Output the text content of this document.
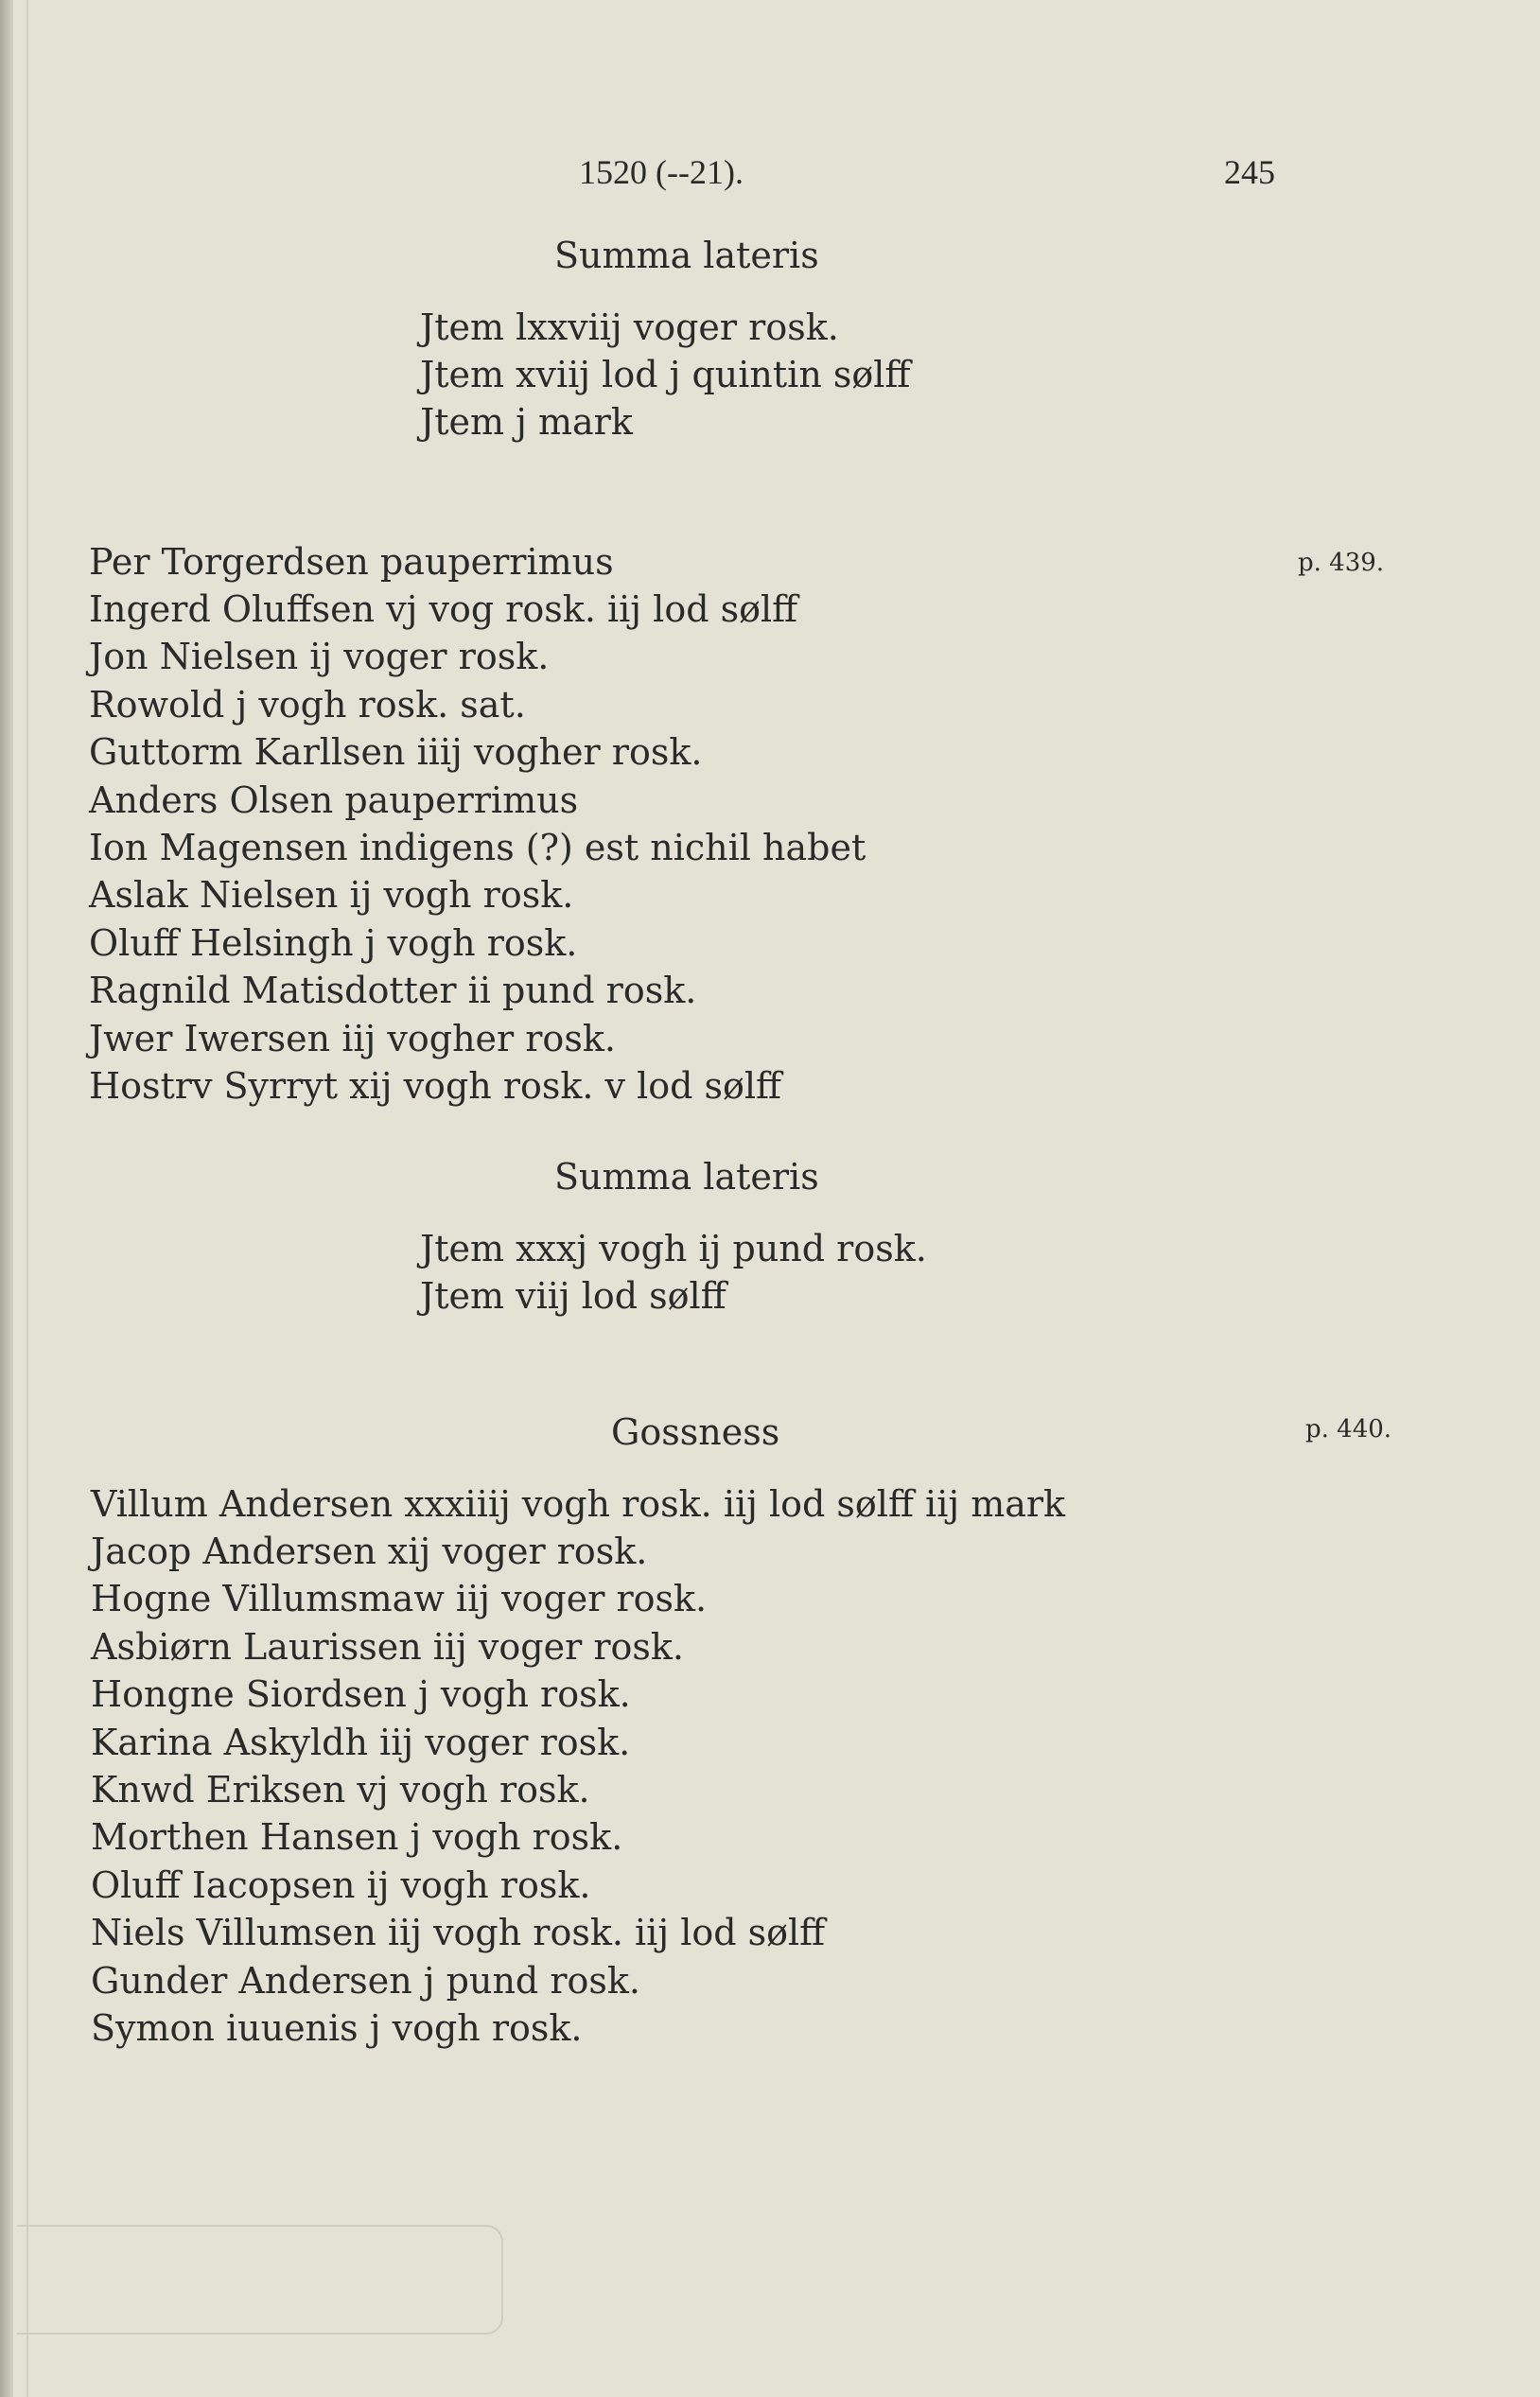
1520 (--21).	245
Summa lateris
Jtem lxxviij voger rosk.
Jtem xviij lod j quintin sølff
Jtem j mark
p. 439.
Per Torgerdsen pauperrimus
Ingerd Oluffsen vj vog rosk. iij lod sølff
Jon Nielsen ij voger rosk.
Rowold j vogh rosk. sat.
Guttorm Karllsen iiij vogher rosk.
Anders Olsen pauperrimus
Ion Magensen indigens (?) est nichil habet
Aslak Nielsen ij vogh rosk.
Oluff Helsingh j vogh rosk.
Ragnild Matisdotter ii pund rosk.
Jwer Iwersen iij vogher rosk.
Hostrv Syrryt xij vogh rosk. v lod sølff
Summa lateris
Jtem xxxj vogh ij pund rosk.
Jtem viij lod sølff
Gossness	p. 440.
Villum Andersen xxxiiij vogh rosk. iij lod sølff iij mark
Jacop Andersen xij voger rosk.
Hogne Villumsmaw iij voger rosk.
Asbiørn Laurissen iij voger rosk.
Hongne Siordsen j vogh rosk.
Karina Askyldh iij voger rosk.
Knwd Eriksen vj vogh rosk.
Morthen Hansen j vogh rosk.
Oluff Iacopsen ij vogh rosk.
Niels Villumsen iij vogh rosk. iij lod sølff
Gunder Andersen j pund rosk.
Symon iuuenis j vogh rosk.
